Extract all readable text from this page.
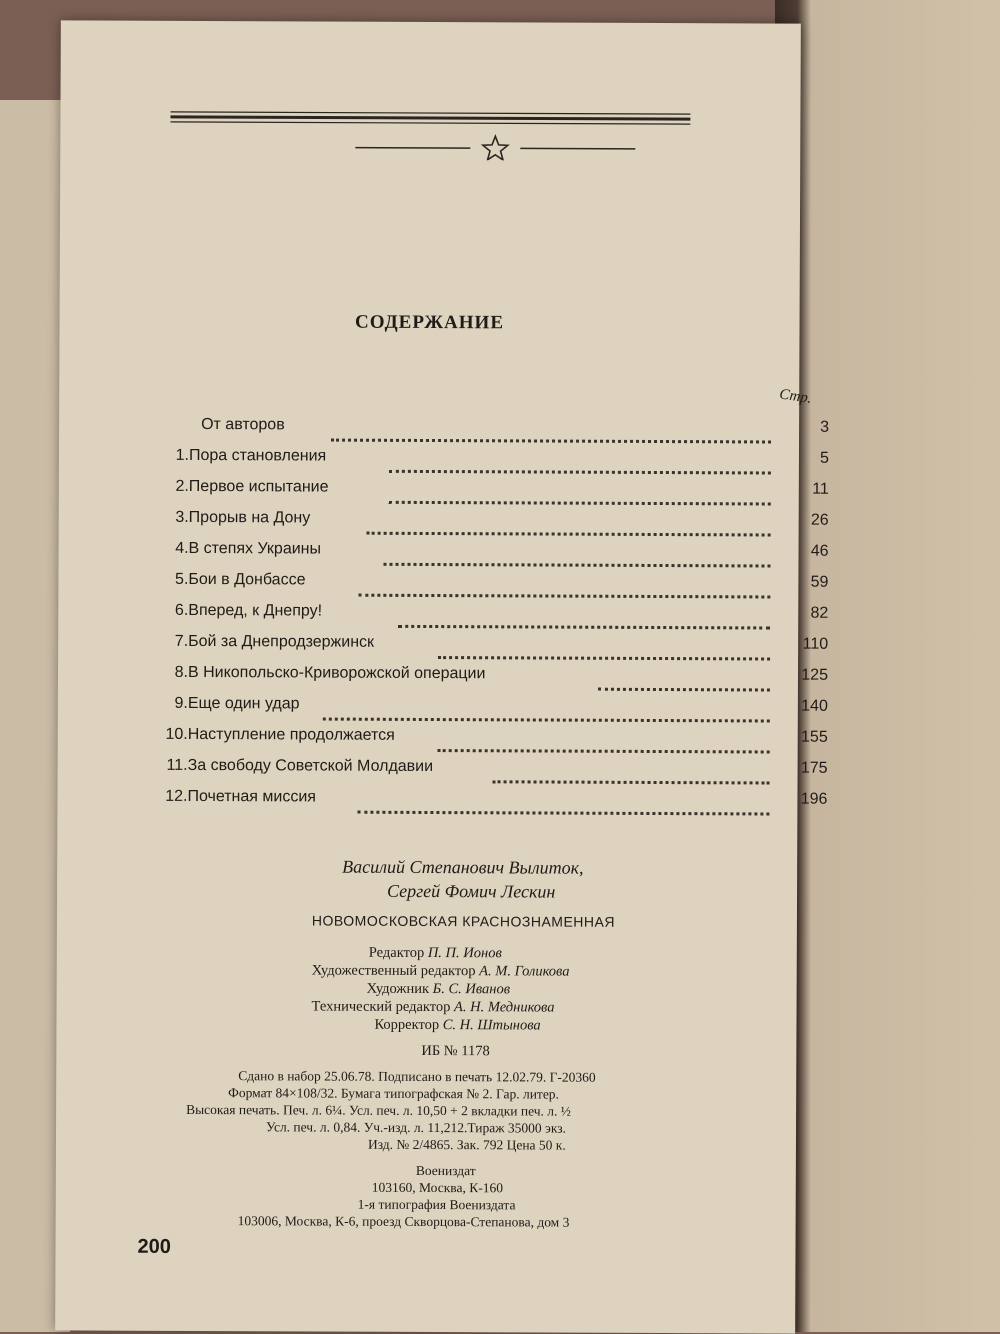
СОДЕРЖАНИЕ
Стр.
От авторов	3
1. Пора становления	5
2. Первое испытание	11
3. Прорыв на Дону	26
4. В степях Украины	46
5. Бои в Донбассе	59
6. Вперед, к Днепру!	82
7. Бой за Днепродзержинск	110
8. В Никопольско-Криворожской операции	125
9. Еще один удар	140
10. Наступление продолжается	155
11. За свободу Советской Молдавии	175
12. Почетная миссия	196
Василий Степанович Вылиток,
Сергей Фомич Лескин
НОВОМОСКОВСКАЯ КРАСНОЗНАМЕННАЯ
Редактор П. П. Ионов
Художественный редактор А. М. Голикова
Художник Б. С. Иванов
Технический редактор А. Н. Медникова
Корректор С. Н. Штынова
ИБ № 1178
Сдано в набор 25.06.78. Подписано в печать 12.02.79. Г-20360
Формат 84×108/32. Бумага типографская № 2. Гар. литер.
Высокая печать. Печ. л. 6¼. Усл. печ. л. 10,50 + 2 вкладки печ. л. ½
Усл. печ. л. 0,84. Уч.-изд. л. 11,212.Тираж 35000 экз.
Изд. № 2/4865. Зак. 792 Цена 50 к.
Воениздат
103160, Москва, К-160
1-я типография Воениздата
103006, Москва, К-6, проезд Скворцова-Степанова, дом 3
200
